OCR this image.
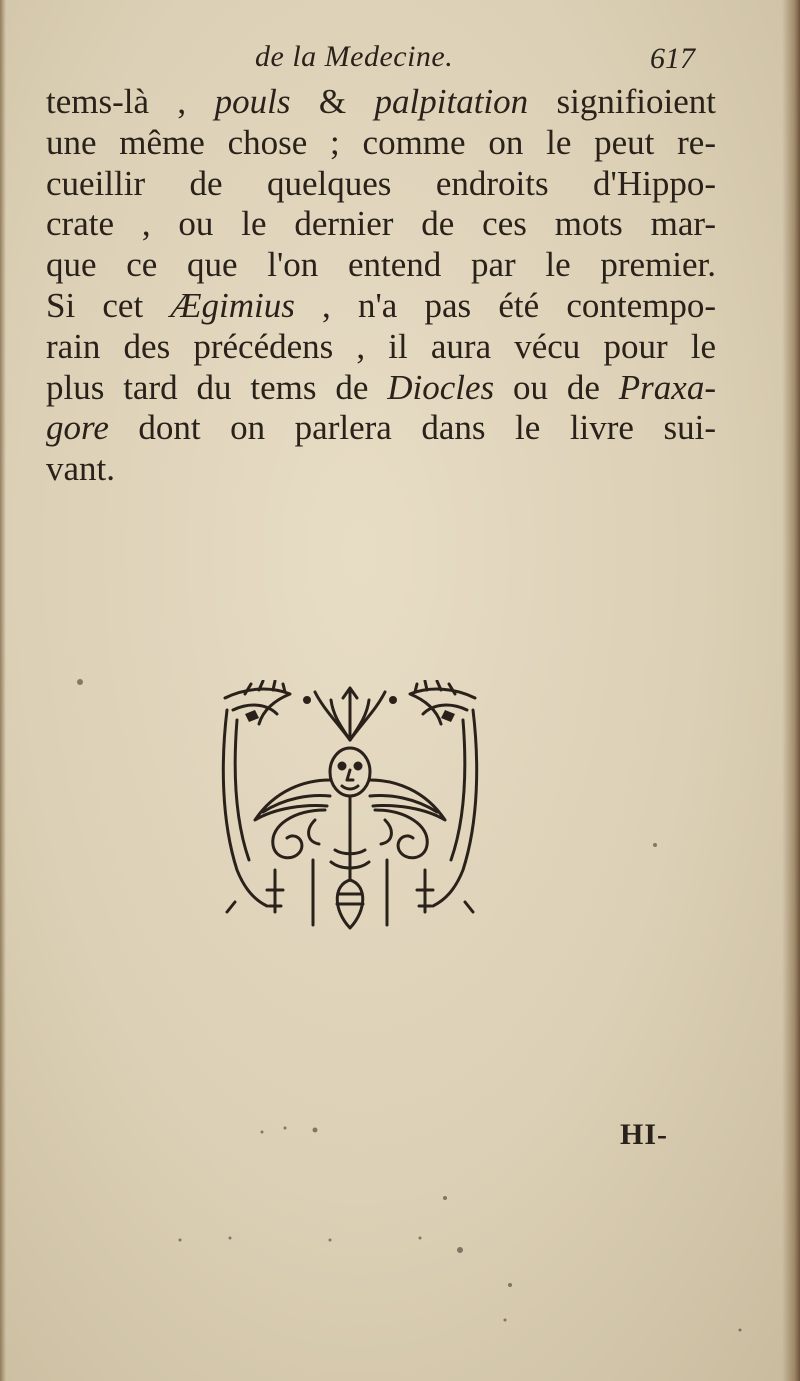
de la Medecine.	617
tems-là , pouls & palpitation signifioient
une même chose ; comme on le peut re-
cueillir de quelques endroits d'Hippo-
crate , ou le dernier de ces mots mar-
que ce que l'on entend par le premier.
Si cet Ægimius , n'a pas été contempo-
rain des précédens , il aura vécu pour le
plus tard du tems de Diocles ou de Praxa-
gore dont on parlera dans le livre sui-
vant.
HI-
